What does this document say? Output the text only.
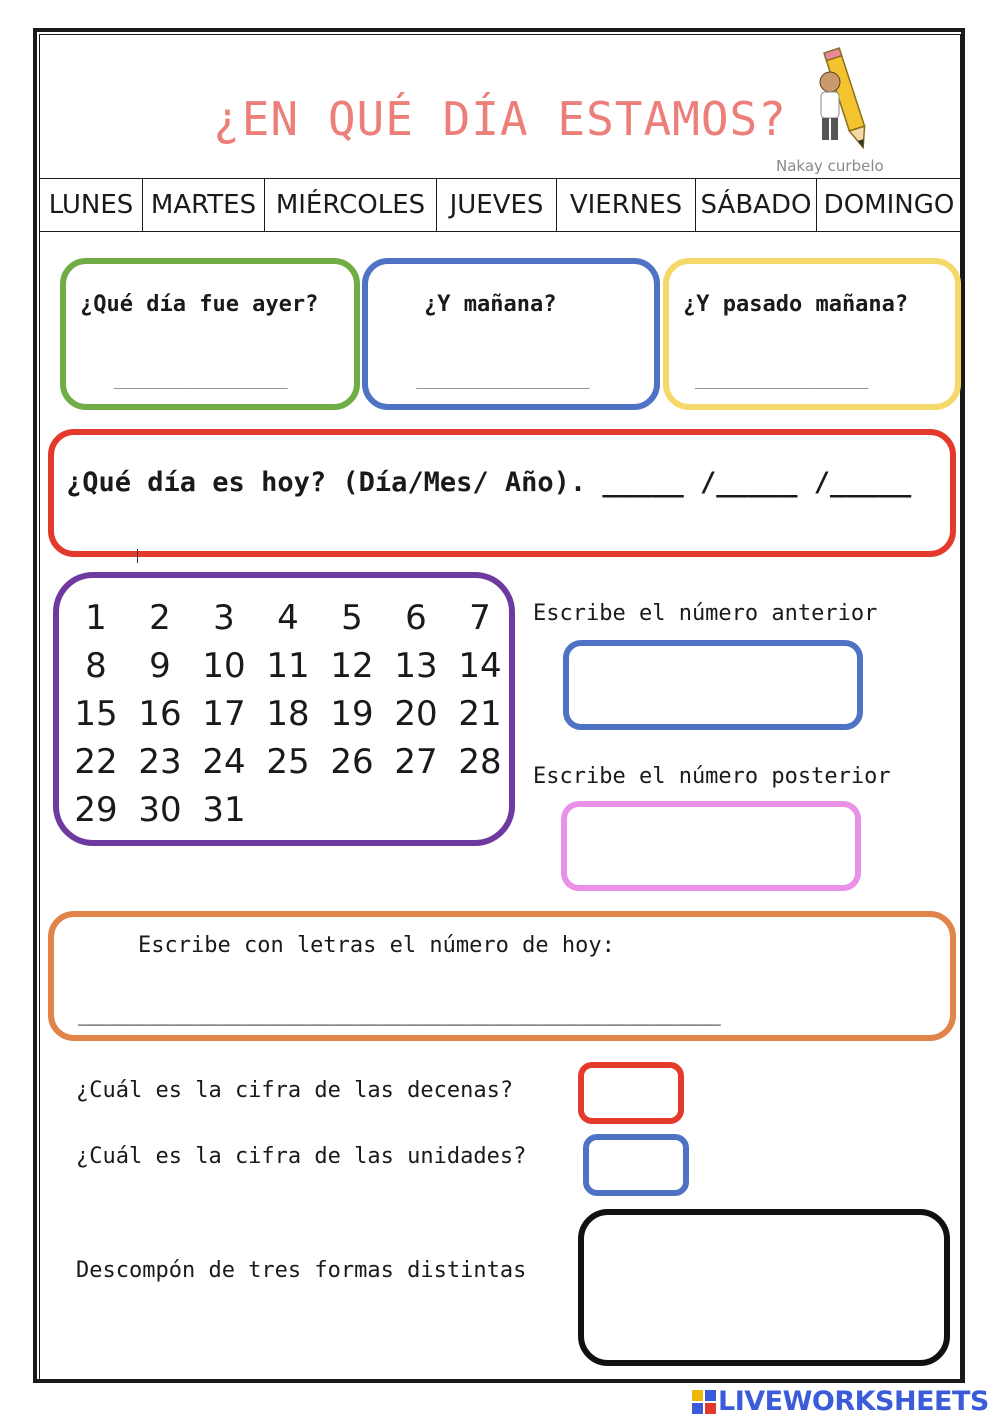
¿EN QUÉ DÍA ESTAMOS?
Nakay curbelo
LUNES MARTES MIÉRCOLES JUEVES	VIERNES SÁBADO DOMINGO
¿Qué día fue ayer?
____________________
¿Y mañana?
____________________
¿Y pasado mañana?
____________________
¿Qué día es hoy? (Día/Mes/ Año). _____ /_____ /_____
1	2	3	4	5	6	7
8	9 10 11 12 13 14
15 16 17 18 19 20 21
22 23 24 25 26 27 28
29 30 31
Escribe el número anterior
Escribe el número posterior
Escribe con letras el número de hoy:
____________________________________________________
¿Cuál es la cifra de las decenas?
¿Cuál es la cifra de las unidades?
Descompón de tres formas distintas
LIVEWORKSHEETS
